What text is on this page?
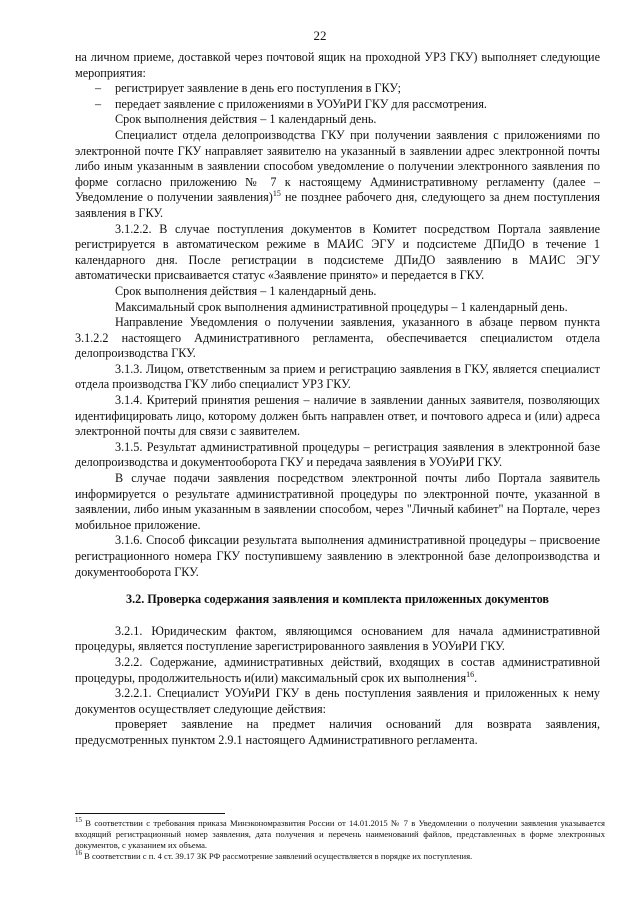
22

на личном приеме, доставкой через почтовой ящик на проходной УРЗ ГКУ) выполняет следующие мероприятия:

– регистрирует заявление в день его поступления в ГКУ;

– передает заявление с приложениями в УОУиРИ ГКУ для рассмотрения.

Срок выполнения действия – 1 календарный день.

Специалист отдела делопроизводства ГКУ при получении заявления с приложениями по электронной почте ГКУ направляет заявителю на указанный в заявлении адрес электронной почты либо иным указанным в заявлении способом уведомление о получении электронного заявления по форме согласно приложению № 7 к настоящему Административному регламенту (далее – Уведомление о получении заявления)$^{15}$ не позднее рабочего дня, следующего за днем поступления заявления в ГКУ.

3.1.2.2. В случае поступления документов в Комитет посредством Портала заявление регистрируется в автоматическом режиме в МАИС ЭГУ и подсистеме ДПиДО в течение 1 календарного дня. После регистрации в подсистеме ДПиДО заявлению в МАИС ЭГУ автоматически присваивается статус «Заявление принято» и передается в ГКУ.

Срок выполнения действия – 1 календарный день.

Максимальный срок выполнения административной процедуры – 1 календарный день.

Направление Уведомления о получении заявления, указанного в абзаце первом пункта 3.1.2.2 настоящего Административного регламента, обеспечивается специалистом отдела делопроизводства ГКУ.

3.1.3. Лицом, ответственным за прием и регистрацию заявления в ГКУ, является специалист отдела производства ГКУ либо специалист УРЗ ГКУ.

3.1.4. Критерий принятия решения – наличие в заявлении данных заявителя, позволяющих идентифицировать лицо, которому должен быть направлен ответ, и почтового адреса и (или) адреса электронной почты для связи с заявителем.

3.1.5. Результат административной процедуры – регистрация заявления в электронной базе делопроизводства и документооборота ГКУ и передача заявления в УОУиРИ ГКУ.

В случае подачи заявления посредством электронной почты либо Портала заявитель информируется о результате административной процедуры по электронной почте, указанной в заявлении, либо иным указанным в заявлении способом, через "Личный кабинет" на Портале, через мобильное приложение.

3.1.6. Способ фиксации результата выполнения административной процедуры – присвоение регистрационного номера ГКУ поступившему заявлению в электронной базе делопроизводства и документооборота ГКУ.

3.2. Проверка содержания заявления и комплекта приложенных документов

3.2.1. Юридическим фактом, являющимся основанием для начала административной процедуры, является поступление зарегистрированного заявления в УОУиРИ ГКУ.

3.2.2. Содержание, административных действий, входящих в состав административной процедуры, продолжительность и(или) максимальный срок их выполнения$^{16}$.

3.2.2.1. Специалист УОУиРИ ГКУ в день поступления заявления и приложенных к нему документов осуществляет следующие действия:

проверяет заявление на предмет наличия оснований для возврата заявления, предусмотренных пунктом 2.9.1 настоящего Административного регламента.

$^{15}$ В соответствии с требования приказа Минэкономразвития России от 14.01.2015 № 7 в Уведомлении о получении заявления указывается входящий регистрационный номер заявления, дата получения и перечень наименований файлов, представленных в форме электронных документов, с указанием их объема.

$^{16}$ В соответствии с п. 4 ст. 39.17 ЗК РФ рассмотрение заявлений осуществляется в порядке их поступления.
